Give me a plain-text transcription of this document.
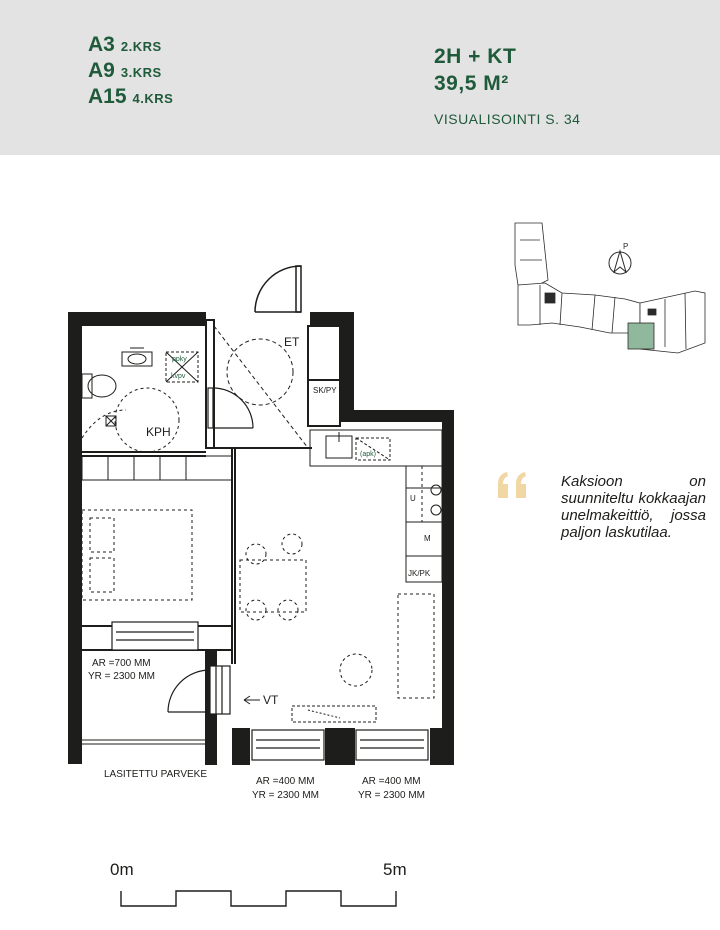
A3 2.KRS
A9 3.KRS
A15 4.KRS
2H + KT
39,5 M²
VISUALISOINTI S. 34
P
ppky
kvpv
KPH
ET
SK/PY
(apk)
U
M
JK/PK
VT
AR =700 MM
YR = 2300 MM
LASITETTU PARVEKE
AR =400 MM
YR = 2300 MM
AR =400 MM
YR = 2300 MM
Kaksioon on suunniteltu kokkaajan unelmakeittiö, jossa paljon laskutilaa.
0m	5m
